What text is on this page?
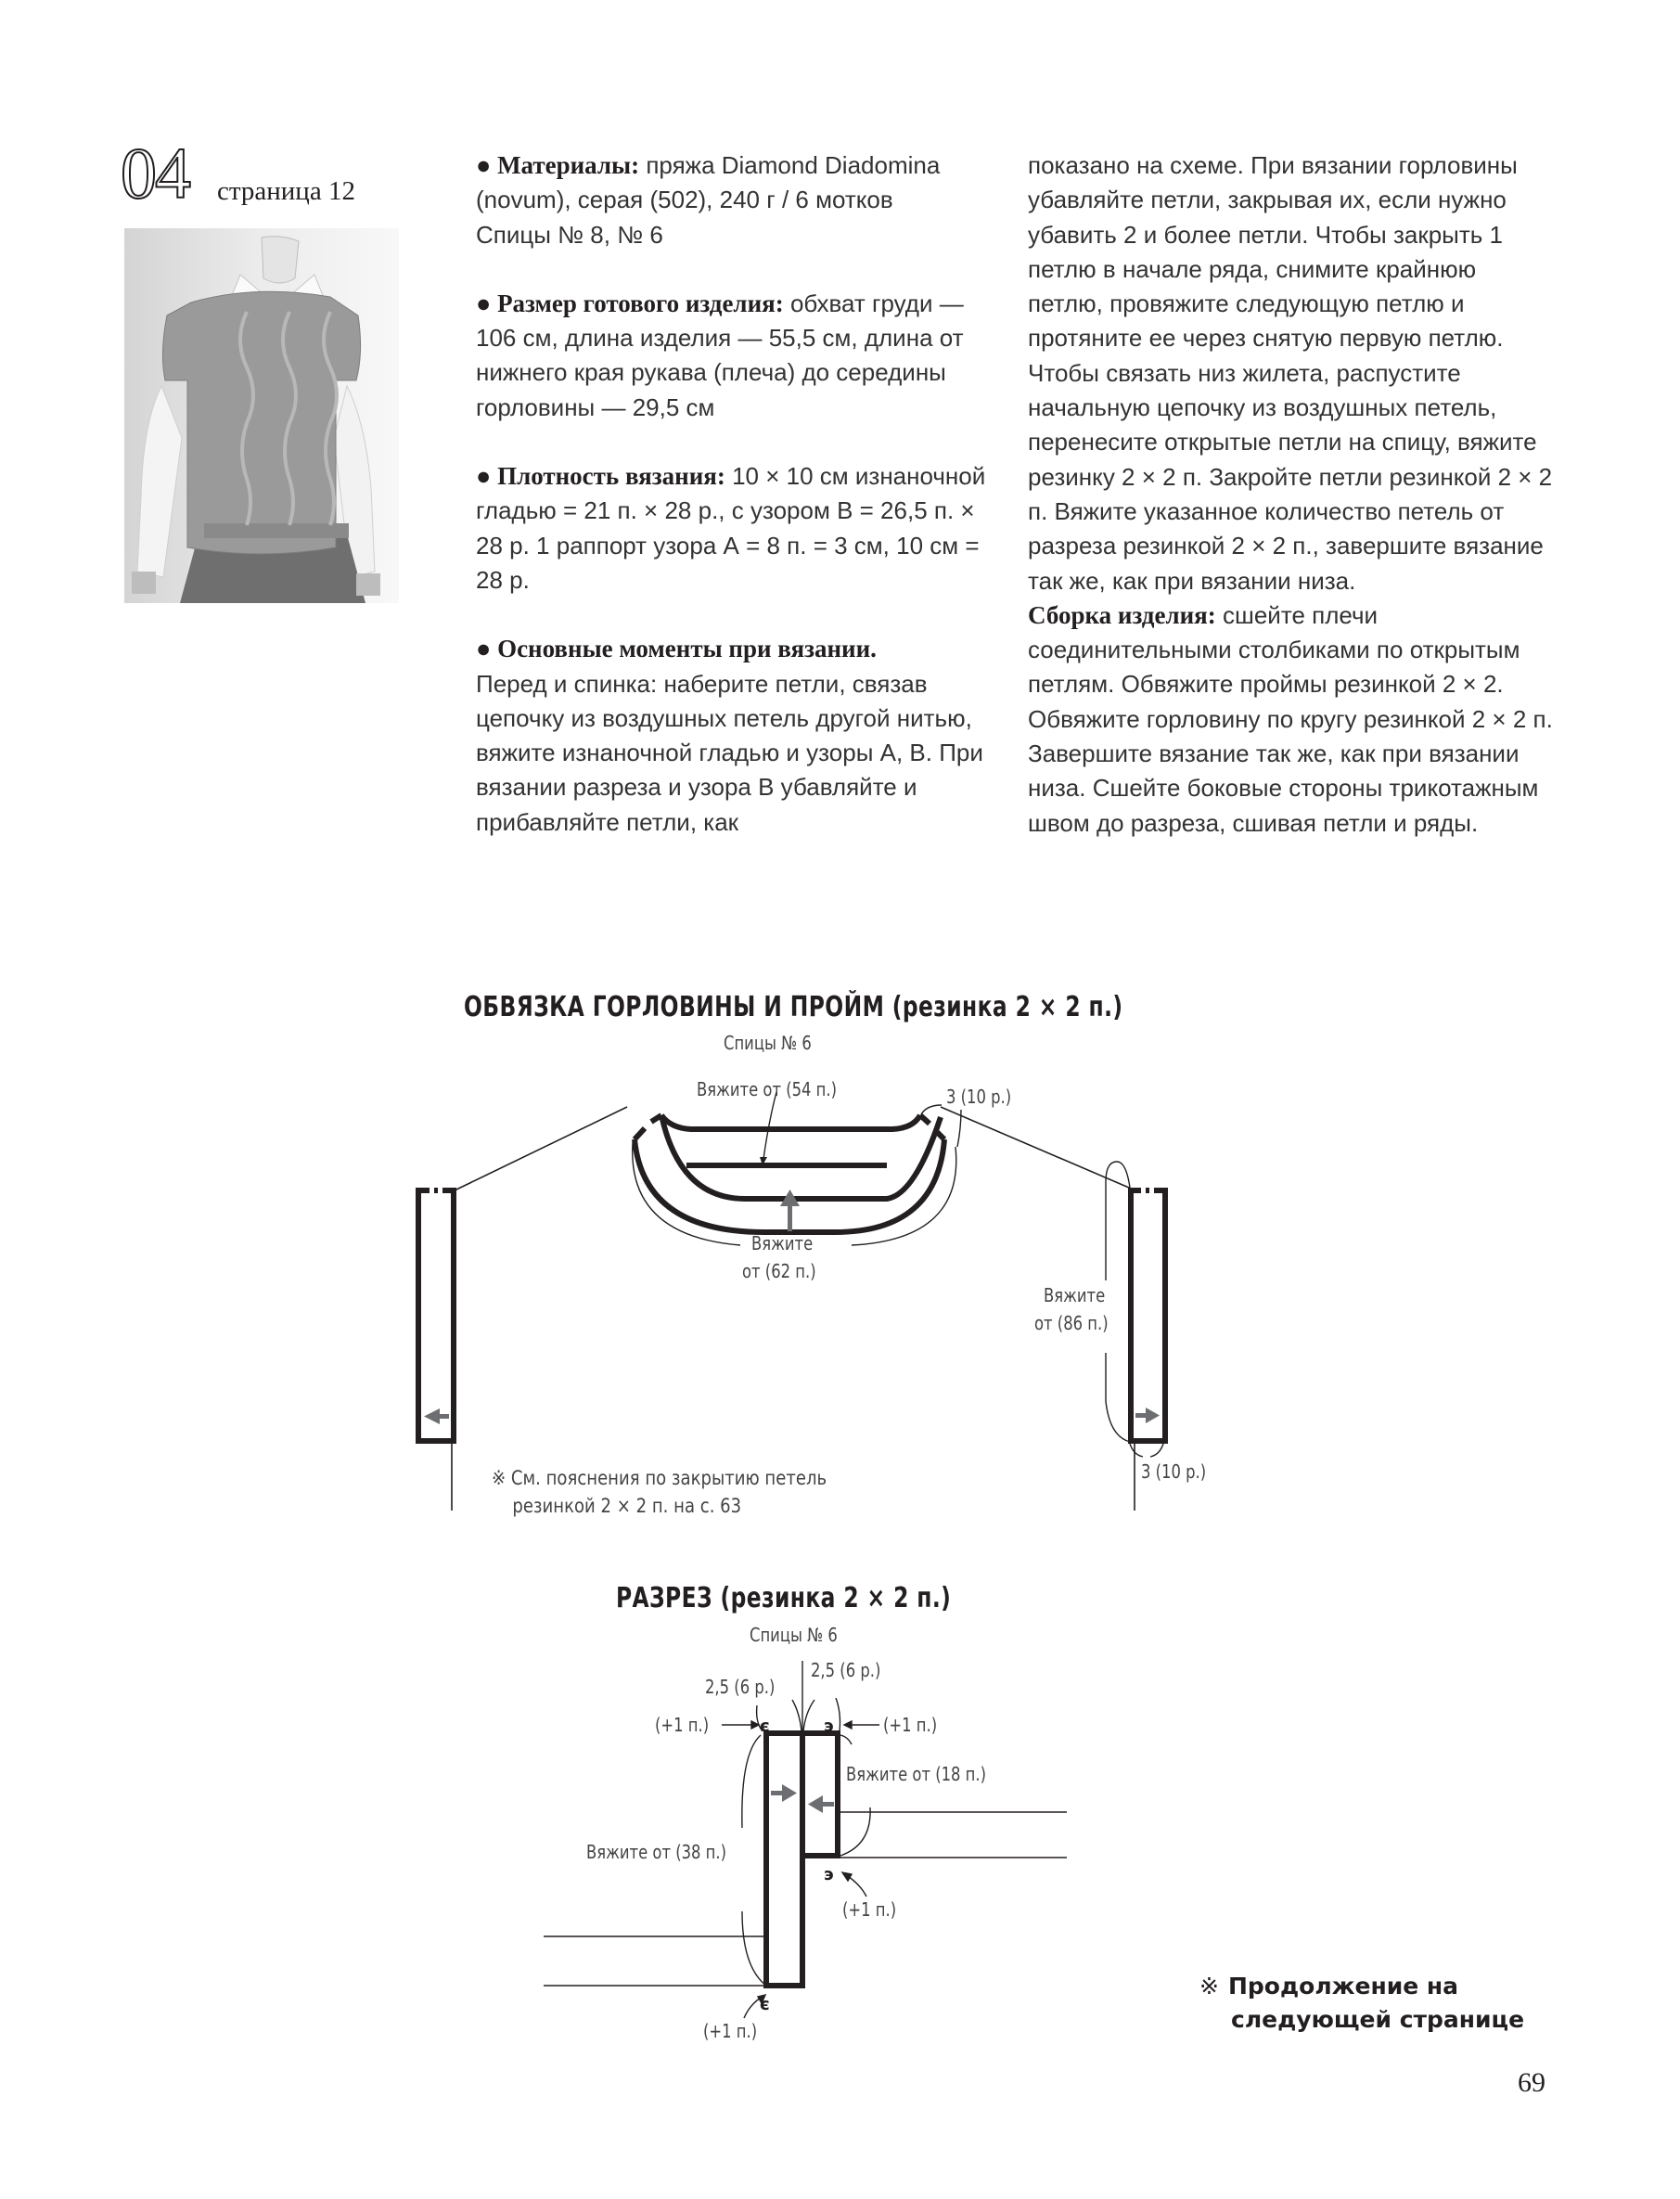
04 страница 12

● Материалы: пряжа Diamond Diadomina (novum), серая (502), 240 г / 6 мотков
Спицы № 8, № 6

● Размер готового изделия: обхват груди — 106 см, длина изделия — 55,5 см, длина от нижнего края рукава (плеча) до середины горловины — 29,5 см

● Плотность вязания: 10 × 10 см изнаночной гладью = 21 п. × 28 р., с узором В = 26,5 п. × 28 р. 1 раппорт узора А = 8 п. = 3 см, 10 см = 28 р.

● Основные моменты при вязании.
Перед и спинка: наберите петли, связав цепочку из воздушных петель другой нитью, вяжите изнаночной гладью и узоры А, В. При вязании разреза и узора В убавляйте и прибавляйте петли, как

показано на схеме. При вязании горловины убавляйте петли, закрывая их, если нужно убавить 2 и более петли. Чтобы закрыть 1 петлю в начале ряда, снимите крайнюю петлю, провяжите следующую петлю и протяните ее через снятую первую петлю. Чтобы связать низ жилета, распустите начальную цепочку из воздушных петель, перенесите открытые петли на спицу, вяжите резинку 2 × 2 п. Закройте петли резинкой 2 × 2 п. Вяжите указанное количество петель от разреза резинкой 2 × 2 п., завершите вязание так же, как при вязании низа.

Сборка изделия: сшейте плечи соединительными столбиками по открытым петлям. Обвяжите проймы резинкой 2 × 2. Обвяжите горловину по кругу резинкой 2 × 2 п. Завершите вязание так же, как при вязании низа. Сшейте боковые стороны трикотажным швом до разреза, сшивая петли и ряды.

ОБВЯЗКА ГОРЛОВИНЫ И ПРОЙМ (резинка 2 × 2 п.)
Спицы № 6
Вяжите от (54 п.)	3 (10 р.)
Вяжите
от (62 п.)
Вяжите
от (86 п.)
3 (10 р.)
※ См. пояснения по закрытию петель
резинкой 2 × 2 п. на с. 63
РАЗРЕЗ (резинка 2 × 2 п.)
Спицы № 6
є	э
э
є
2,5 (6 р.)
2,5 (6 р.)
(+1 п.)	(+1 п.)
Вяжите от (18 п.)
Вяжите от (38 п.)
(+1 п.)
(+1 п.)
※ Продолжение на
следующей странице
69
